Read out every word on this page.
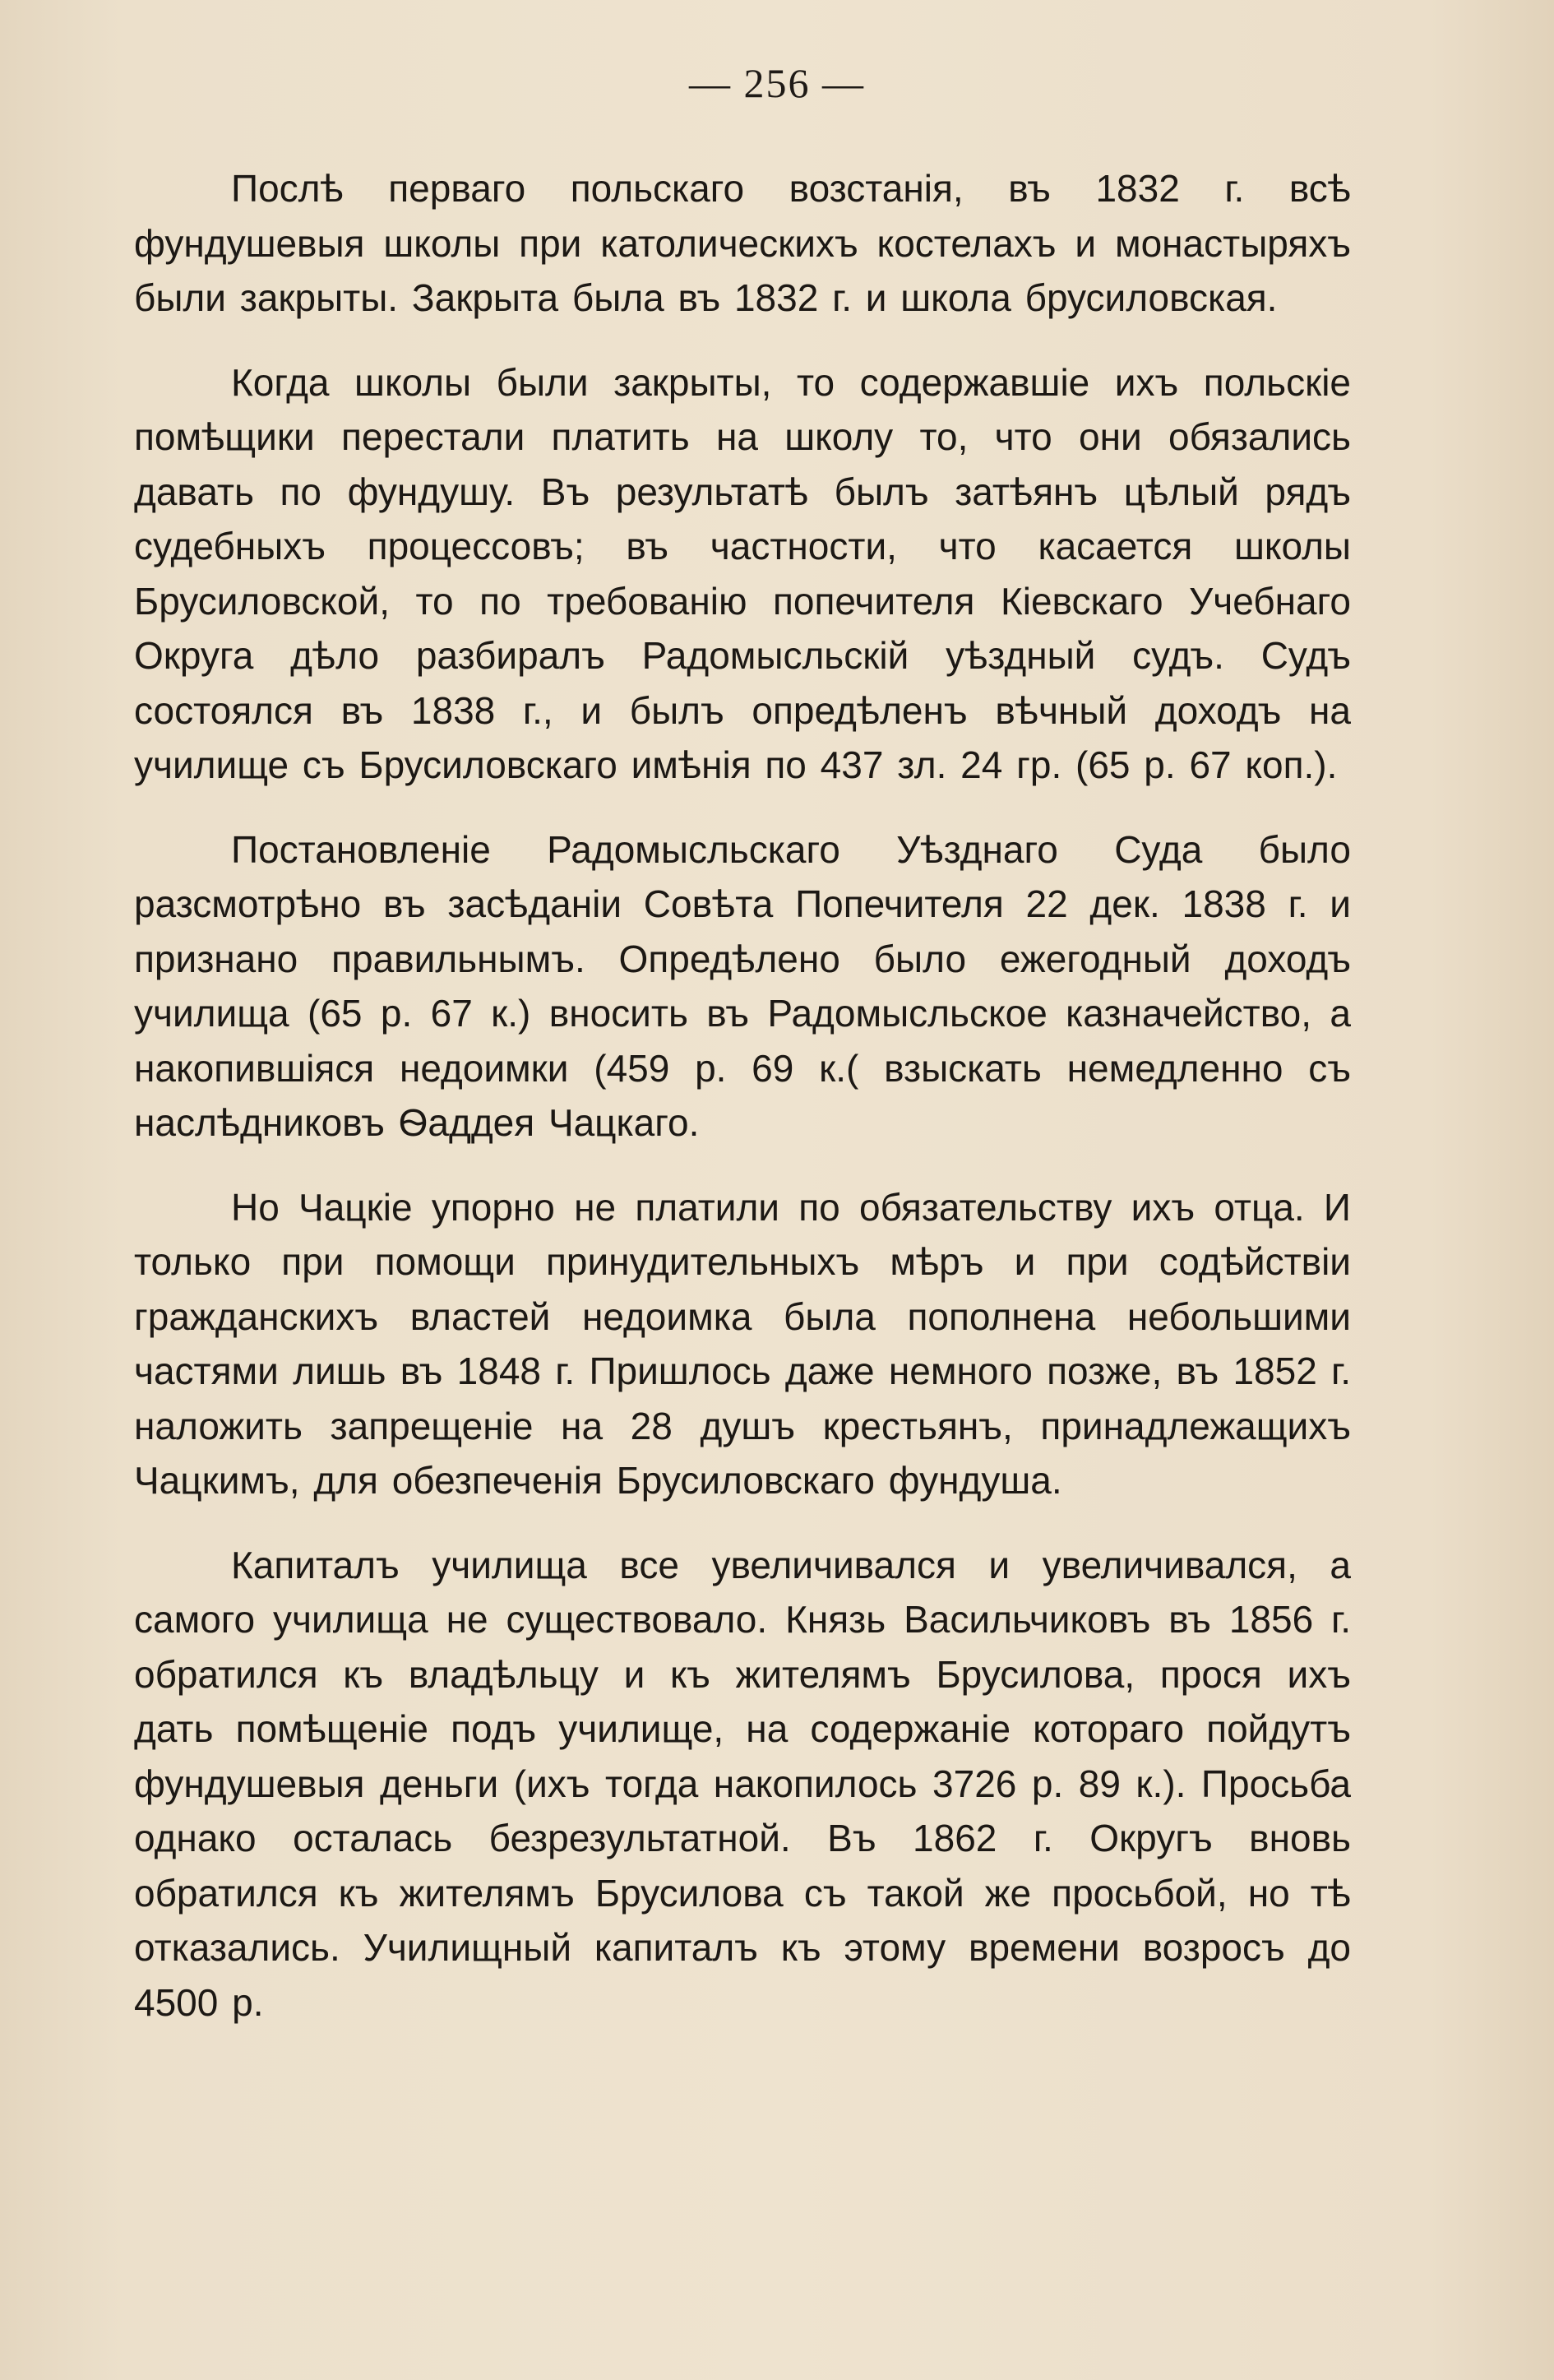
— 256 —

Послѣ перваго польскаго возстанія, въ 1832 г. всѣ фундушевыя школы при католическихъ костелахъ и монастыряхъ были закрыты. Закрыта была въ 1832 г. и школа брусиловская.

Когда школы были закрыты, то содержавшіе ихъ польскіе помѣщики перестали платить на школу то, что они обязались давать по фундушу. Въ результатѣ былъ затѣянъ цѣлый рядъ судебныхъ процессовъ; въ частности, что касается школы Брусиловской, то по требованію попечителя Кіевскаго Учебнаго Округа дѣло разбиралъ Радомысльскій уѣздный судъ. Судъ состоялся въ 1838 г., и былъ опредѣленъ вѣчный доходъ на училище съ Брусиловскаго имѣнія по 437 зл. 24 гр. (65 р. 67 коп.).

Постановленіе Радомысльскаго Уѣзднаго Суда было разсмотрѣно въ засѣданіи Совѣта Попечителя 22 дек. 1838 г. и признано правильнымъ. Опредѣлено было ежегодный доходъ училища (65 р. 67 к.) вносить въ Радомысльское казначейство, а накопившіяся недоимки (459 р. 69 к.( взыскать немедленно съ наслѣдниковъ Ѳаддея Чацкаго.

Но Чацкіе упорно не платили по обязательству ихъ отца. И только при помощи принудительныхъ мѣръ и при содѣйствіи гражданскихъ властей недоимка была пополнена небольшими частями лишь въ 1848 г. Пришлось даже немного позже, въ 1852 г. наложить запрещеніе на 28 душъ крестьянъ, принадлежащихъ Чацкимъ, для обезпеченія Брусиловскаго фундуша.

Капиталъ училища все увеличивался и увеличивался, а самого училища не существовало. Князь Васильчиковъ въ 1856 г. обратился къ владѣльцу и къ жителямъ Брусилова, прося ихъ дать помѣщеніе подъ училище, на содержаніе котораго пойдутъ фундушевыя деньги (ихъ тогда накопилось 3726 р. 89 к.). Просьба однако осталась безрезультатной. Въ 1862 г. Округъ вновь обратился къ жителямъ Брусилова съ такой же просьбой, но тѣ отказались. Училищный капиталъ къ этому времени возросъ до 4500 р.
